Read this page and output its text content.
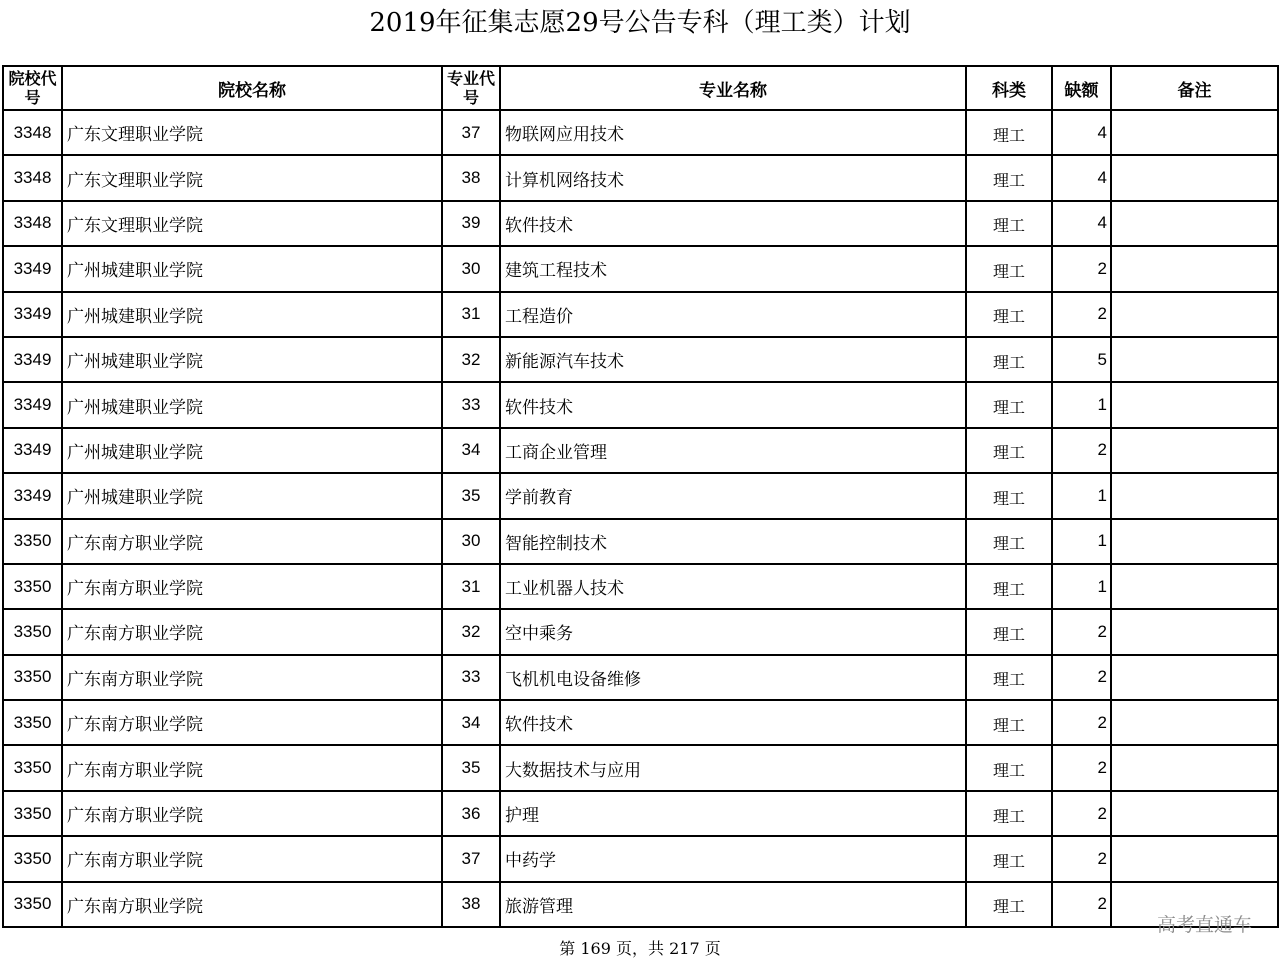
2019年征集志愿29号公告专科（理工类）计划
院校代号	院校名称	专业代号	专业名称	科类	缺额	备注
3348	广东文理职业学院	37	物联网应用技术	理工	4	
3348	广东文理职业学院	38	计算机网络技术	理工	4	
3348	广东文理职业学院	39	软件技术	理工	4	
3349	广州城建职业学院	30	建筑工程技术	理工	2	
3349	广州城建职业学院	31	工程造价	理工	2	
3349	广州城建职业学院	32	新能源汽车技术	理工	5	
3349	广州城建职业学院	33	软件技术	理工	1	
3349	广州城建职业学院	34	工商企业管理	理工	2	
3349	广州城建职业学院	35	学前教育	理工	1	
3350	广东南方职业学院	30	智能控制技术	理工	1	
3350	广东南方职业学院	31	工业机器人技术	理工	1	
3350	广东南方职业学院	32	空中乘务	理工	2	
3350	广东南方职业学院	33	飞机机电设备维修	理工	2	
3350	广东南方职业学院	34	软件技术	理工	2	
3350	广东南方职业学院	35	大数据技术与应用	理工	2	
3350	广东南方职业学院	36	护理	理工	2	
3350	广东南方职业学院	37	中药学	理工	2	
3350	广东南方职业学院	38	旅游管理	理工	2	
高考直通车
第 169 页，共 217 页
